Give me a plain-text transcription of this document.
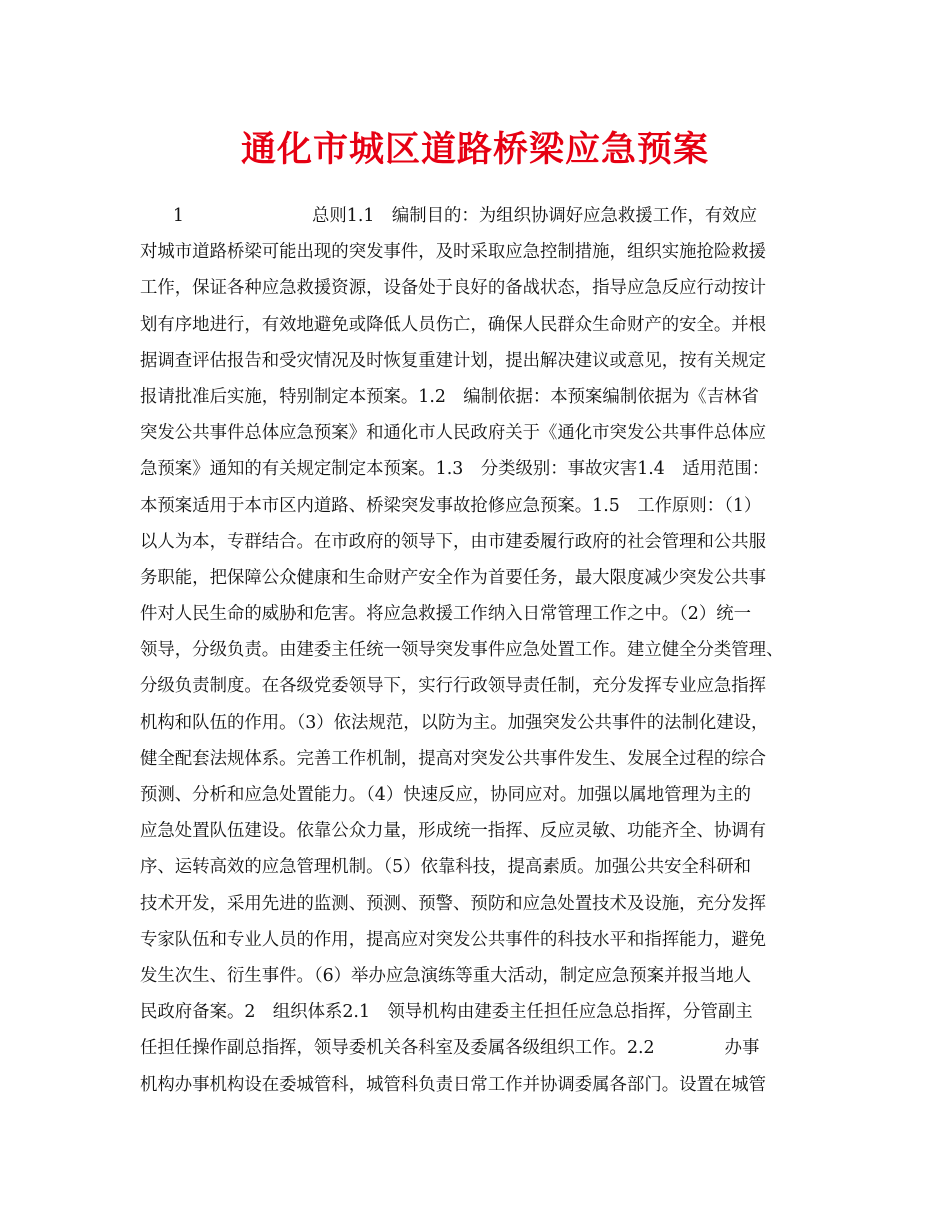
通化市城区道路桥梁应急预案
1	总则1.1　编制目的：为组织协调好应急救援工作，有效应
对城市道路桥梁可能出现的突发事件，及时采取应急控制措施，组织实施抢险救援
工作，保证各种应急救援资源，设备处于良好的备战状态，指导应急反应行动按计
划有序地进行，有效地避免或降低人员伤亡，确保人民群众生命财产的安全。并根
据调查评估报告和受灾情况及时恢复重建计划，提出解决建议或意见，按有关规定
报请批准后实施，特别制定本预案。1.2　编制依据：本预案编制依据为《吉林省
突发公共事件总体应急预案》和通化市人民政府关于《通化市突发公共事件总体应
急预案》通知的有关规定制定本预案。1.3　分类级别：事故灾害1.4　适用范围：
本预案适用于本市区内道路、桥梁突发事故抢修应急预案。1.5　工作原则：（1）
以人为本，专群结合。在市政府的领导下，由市建委履行政府的社会管理和公共服
务职能，把保障公众健康和生命财产安全作为首要任务，最大限度减少突发公共事
件对人民生命的威胁和危害。将应急救援工作纳入日常管理工作之中。（2）统一
领导，分级负责。由建委主任统一领导突发事件应急处置工作。建立健全分类管理、
分级负责制度。在各级党委领导下，实行行政领导责任制，充分发挥专业应急指挥
机构和队伍的作用。（3）依法规范，以防为主。加强突发公共事件的法制化建设，
健全配套法规体系。完善工作机制，提高对突发公共事件发生、发展全过程的综合
预测、分析和应急处置能力。（4）快速反应，协同应对。加强以属地管理为主的
应急处置队伍建设。依靠公众力量，形成统一指挥、反应灵敏、功能齐全、协调有
序、运转高效的应急管理机制。（5）依靠科技，提高素质。加强公共安全科研和
技术开发，采用先进的监测、预测、预警、预防和应急处置技术及设施，充分发挥
专家队伍和专业人员的作用，提高应对突发公共事件的科技水平和指挥能力，避免
发生次生、衍生事件。（6）举办应急演练等重大活动，制定应急预案并报当地人
民政府备案。2　组织体系2.1　领导机构由建委主任担任应急总指挥，分管副主
任担任操作副总指挥，领导委机关各科室及委属各级组织工作。2.2	办事
机构办事机构设在委城管科，城管科负责日常工作并协调委属各部门。设置在城管
